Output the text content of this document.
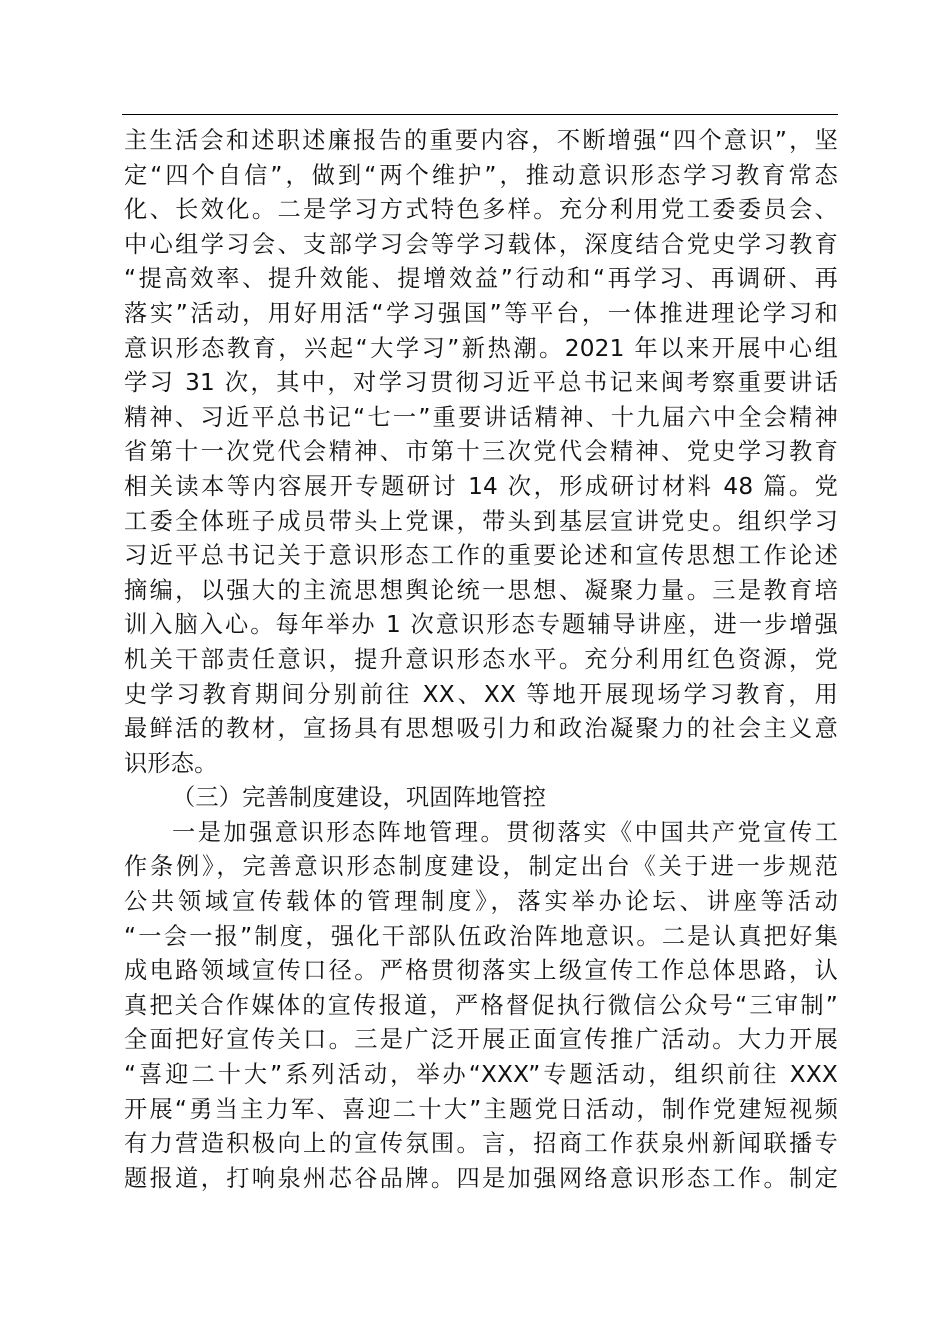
主生活会和述职述廉报告的重要内容，不断增强“四个意识”，坚
定“四个自信”，做到“两个维护”，推动意识形态学习教育常态
化、长效化。二是学习方式特色多样。充分利用党工委委员会、
中心组学习会、支部学习会等学习载体，深度结合党史学习教育
“提高效率、提升效能、提增效益”行动和“再学习、再调研、再
落实”活动，用好用活“学习强国”等平台，一体推进理论学习和
意识形态教育，兴起“大学习”新热潮。2021 年以来开展中心组
学习 31 次，其中，对学习贯彻习近平总书记来闽考察重要讲话
精神、习近平总书记“七一”重要讲话精神、十九届六中全会精神
省第十一次党代会精神、市第十三次党代会精神、党史学习教育
相关读本等内容展开专题研讨 14 次，形成研讨材料 48 篇。党
工委全体班子成员带头上党课，带头到基层宣讲党史。组织学习
习近平总书记关于意识形态工作的重要论述和宣传思想工作论述
摘编，以强大的主流思想舆论统一思想、凝聚力量。三是教育培
训入脑入心。每年举办 1 次意识形态专题辅导讲座，进一步增强
机关干部责任意识，提升意识形态水平。充分利用红色资源，党
史学习教育期间分别前往 XX、XX 等地开展现场学习教育，用
最鲜活的教材，宣扬具有思想吸引力和政治凝聚力的社会主义意
识形态。
（三）完善制度建设，巩固阵地管控
一是加强意识形态阵地管理。贯彻落实《中国共产党宣传工
作条例》，完善意识形态制度建设，制定出台《关于进一步规范
公共领域宣传载体的管理制度》，落实举办论坛、讲座等活动
“一会一报”制度，强化干部队伍政治阵地意识。二是认真把好集
成电路领域宣传口径。严格贯彻落实上级宣传工作总体思路，认
真把关合作媒体的宣传报道，严格督促执行微信公众号“三审制”
全面把好宣传关口。三是广泛开展正面宣传推广活动。大力开展
“喜迎二十大”系列活动，举办“XXX”专题活动，组织前往 XXX
开展“勇当主力军、喜迎二十大”主题党日活动，制作党建短视频
有力营造积极向上的宣传氛围。言，招商工作获泉州新闻联播专
题报道，打响泉州芯谷品牌。四是加强网络意识形态工作。制定
